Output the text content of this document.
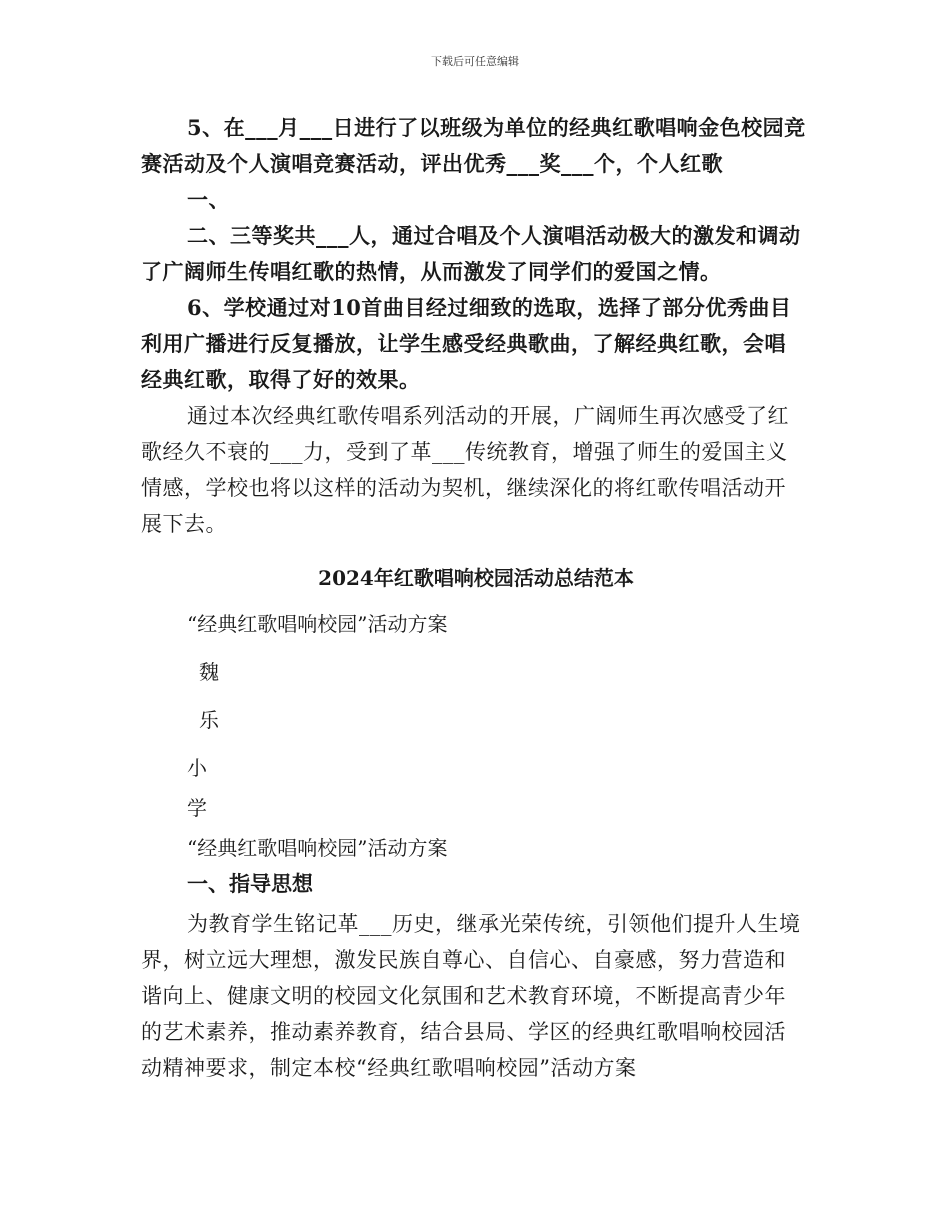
下载后可任意编辑

5、在___月___日进行了以班级为单位的经典红歌唱响金色校园竞

赛活动及个人演唱竞赛活动，评出优秀___奖___个，个人红歌

一、

二、三等奖共___人，通过合唱及个人演唱活动极大的激发和调动

了广阔师生传唱红歌的热情，从而激发了同学们的爱国之情。

6、学校通过对10首曲目经过细致的选取，选择了部分优秀曲目

利用广播进行反复播放，让学生感受经典歌曲，了解经典红歌，会唱

经典红歌，取得了好的效果。

通过本次经典红歌传唱系列活动的开展，广阔师生再次感受了红

歌经久不衰的___力，受到了革___传统教育，增强了师生的爱国主义

情感，学校也将以这样的活动为契机，继续深化的将红歌传唱活动开

展下去。

2024年红歌唱响校园活动总结范本
“经典红歌唱响校园”活动方案
魏
乐
小
学
“经典红歌唱响校园”活动方案
一、指导思想

为教育学生铭记革___历史，继承光荣传统，引领他们提升人生境

界，树立远大理想，激发民族自尊心、自信心、自豪感，努力营造和

谐向上、健康文明的校园文化氛围和艺术教育环境，不断提高青少年

的艺术素养，推动素养教育，结合县局、学区的经典红歌唱响校园活

动精神要求，制定本校“经典红歌唱响校园”活动方案
